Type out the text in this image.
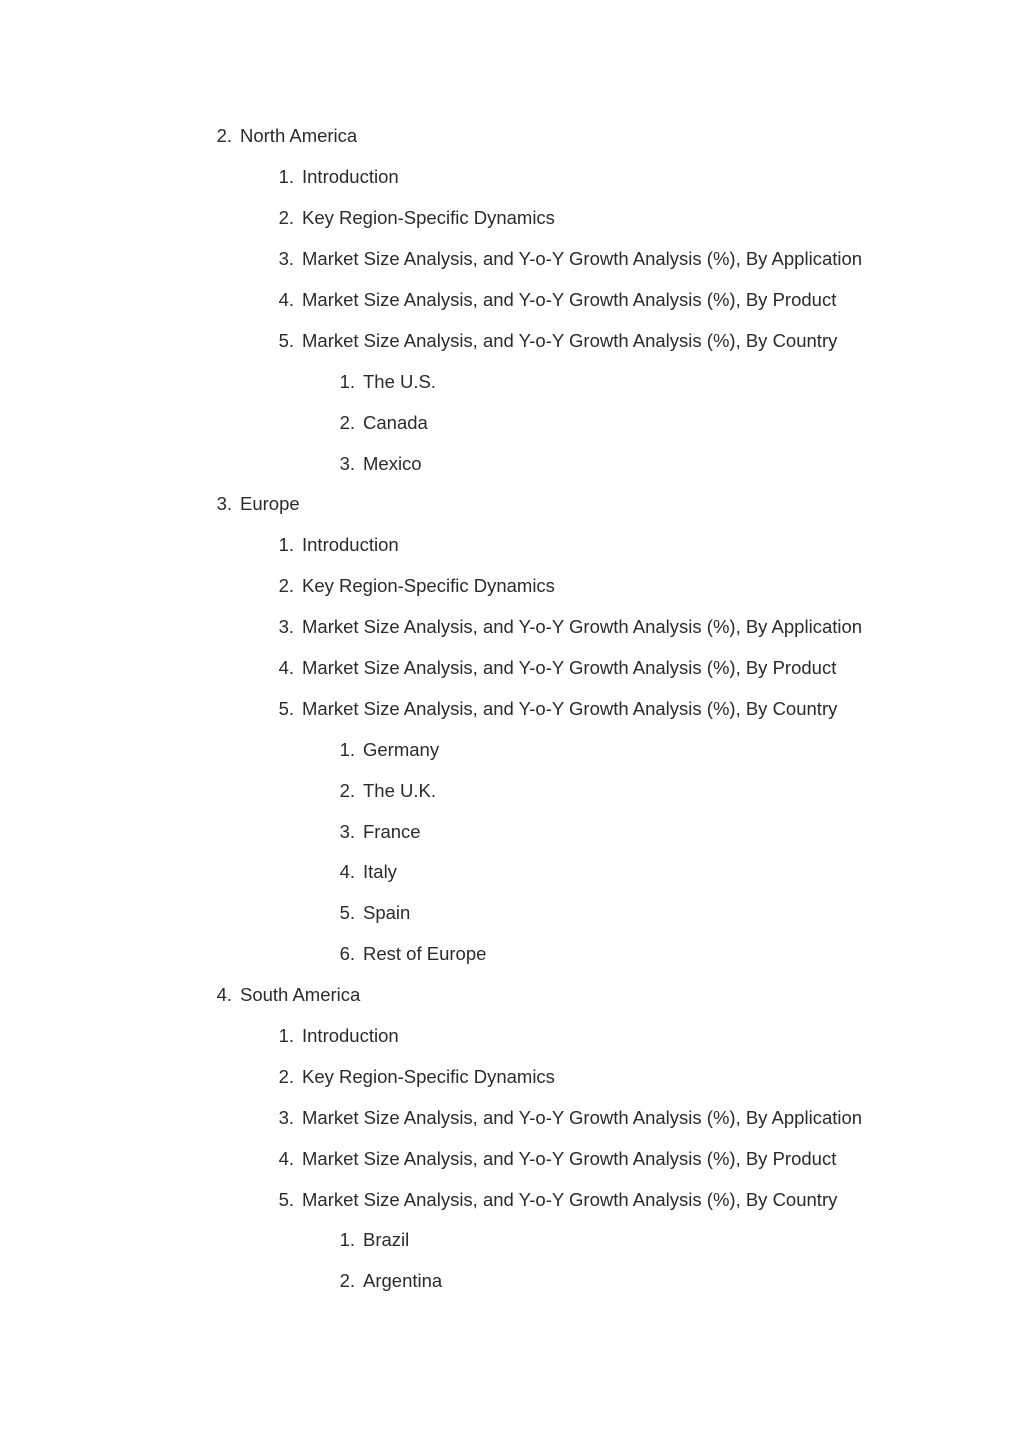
2. North America
1. Introduction
2. Key Region-Specific Dynamics
3. Market Size Analysis, and Y-o-Y Growth Analysis (%), By Application
4. Market Size Analysis, and Y-o-Y Growth Analysis (%), By Product
5. Market Size Analysis, and Y-o-Y Growth Analysis (%), By Country
1. The U.S.
2. Canada
3. Mexico
3. Europe
1. Introduction
2. Key Region-Specific Dynamics
3. Market Size Analysis, and Y-o-Y Growth Analysis (%), By Application
4. Market Size Analysis, and Y-o-Y Growth Analysis (%), By Product
5. Market Size Analysis, and Y-o-Y Growth Analysis (%), By Country
1. Germany
2. The U.K.
3. France
4. Italy
5. Spain
6. Rest of Europe
4. South America
1. Introduction
2. Key Region-Specific Dynamics
3. Market Size Analysis, and Y-o-Y Growth Analysis (%), By Application
4. Market Size Analysis, and Y-o-Y Growth Analysis (%), By Product
5. Market Size Analysis, and Y-o-Y Growth Analysis (%), By Country
1. Brazil
2. Argentina
